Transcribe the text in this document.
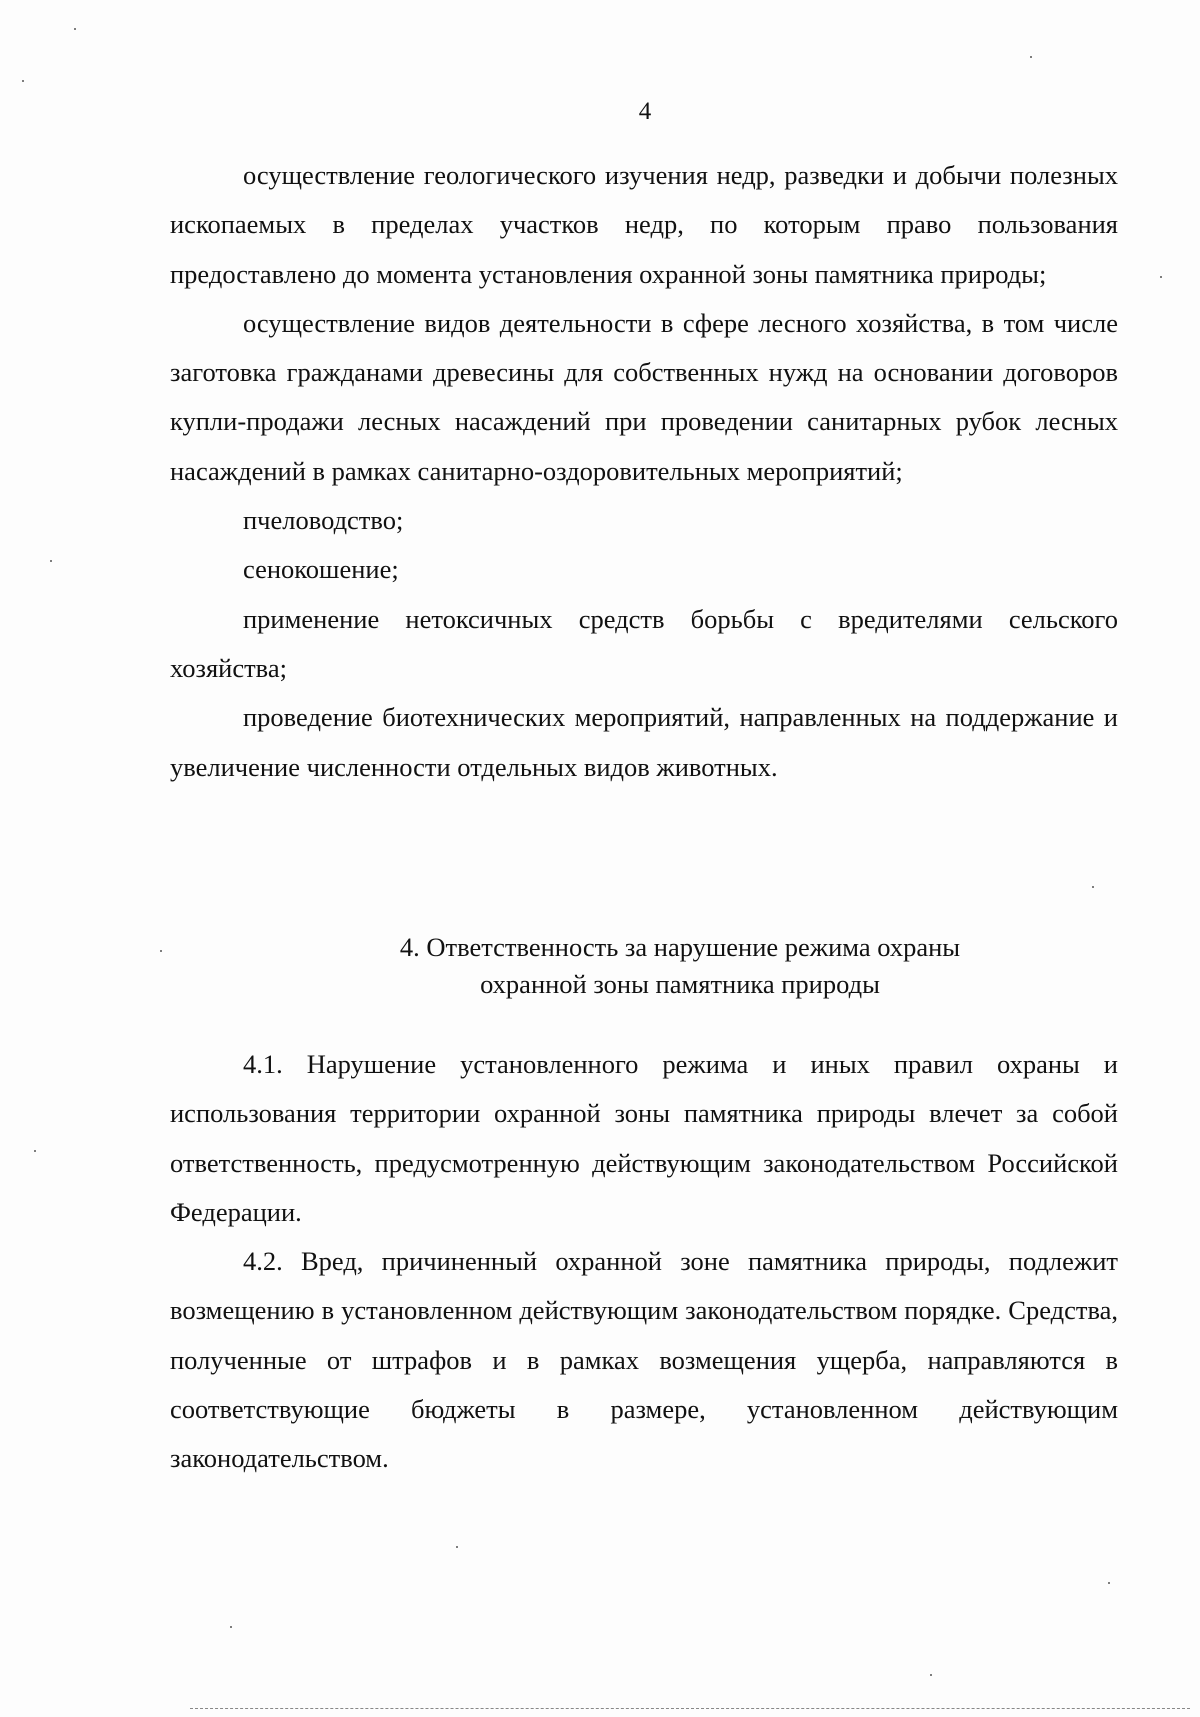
4

осуществление геологического изучения недр, разведки и добычи полезных ископаемых в пределах участков недр, по которым право пользования предоставлено до момента установления охранной зоны памятника природы;

осуществление видов деятельности в сфере лесного хозяйства, в том числе заготовка гражданами древесины для собственных нужд на основании договоров купли-продажи лесных насаждений при проведении санитарных рубок лесных насаждений в рамках санитарно-оздоровительных мероприятий;

пчеловодство;

сенокошение;

применение нетоксичных средств борьбы с вредителями сельского хозяйства;

проведение биотехнических мероприятий, направленных на поддержание и увеличение численности отдельных видов животных.

4. Ответственность за нарушение режима охраны
охранной зоны памятника природы

4.1. Нарушение установленного режима и иных правил охраны и использования территории охранной зоны памятника природы влечет за собой ответственность, предусмотренную действующим законодательством Российской Федерации.

4.2. Вред, причиненный охранной зоне памятника природы, подлежит возмещению в установленном действующим законодательством порядке. Средства, полученные от штрафов и в рамках возмещения ущерба, направляются в соответствующие бюджеты в размере, установленном действующим законодательством.
